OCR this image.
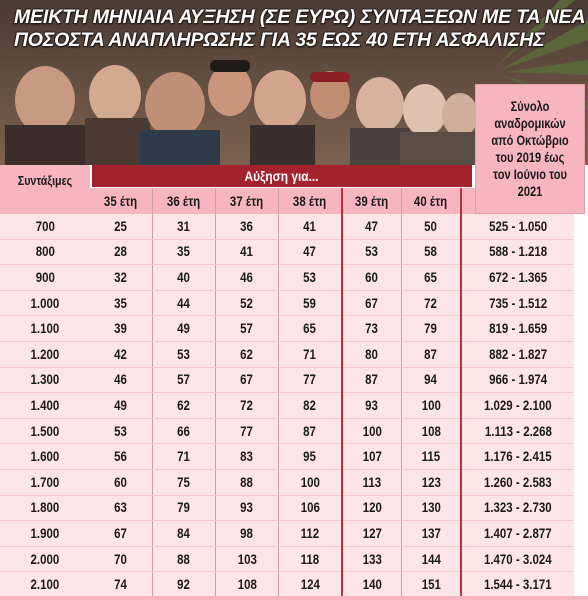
ΜΕΙΚΤΗ ΜΗΝΙΑΙΑ ΑΥΞΗΣΗ (ΣΕ ΕΥΡΩ) ΣΥΝΤΑΞΕΩΝ ΜΕ ΤΑ ΝΕΑ
ΠΟΣΟΣΤΑ ΑΝΑΠΛΗΡΩΣΗΣ ΓΙΑ 35 ΕΩΣ 40 ΕΤΗ ΑΣΦΑΛΙΣΗΣ
Σύνολο αναδρομικών από Οκτώβριο του 2019 έως τον Ιούνιο του 2021
Συντάξιμες	Αύξηση για...
	35 έτη	36 έτη	37 έτη	38 έτη	39 έτη	40 έτη	
700	25	31	36	41	47	50	525 - 1.050
800	28	35	41	47	53	58	588 - 1.218
900	32	40	46	53	60	65	672 - 1.365
1.000	35	44	52	59	67	72	735 - 1.512
1.100	39	49	57	65	73	79	819 - 1.659
1.200	42	53	62	71	80	87	882 - 1.827
1.300	46	57	67	77	87	94	966 - 1.974
1.400	49	62	72	82	93	100	1.029 - 2.100
1.500	53	66	77	87	100	108	1.113 - 2.268
1.600	56	71	83	95	107	115	1.176 - 2.415
1.700	60	75	88	100	113	123	1.260 - 2.583
1.800	63	79	93	106	120	130	1.323 - 2.730
1.900	67	84	98	112	127	137	1.407 - 2.877
2.000	70	88	103	118	133	144	1.470 - 3.024
2.100	74	92	108	124	140	151	1.544 - 3.171
